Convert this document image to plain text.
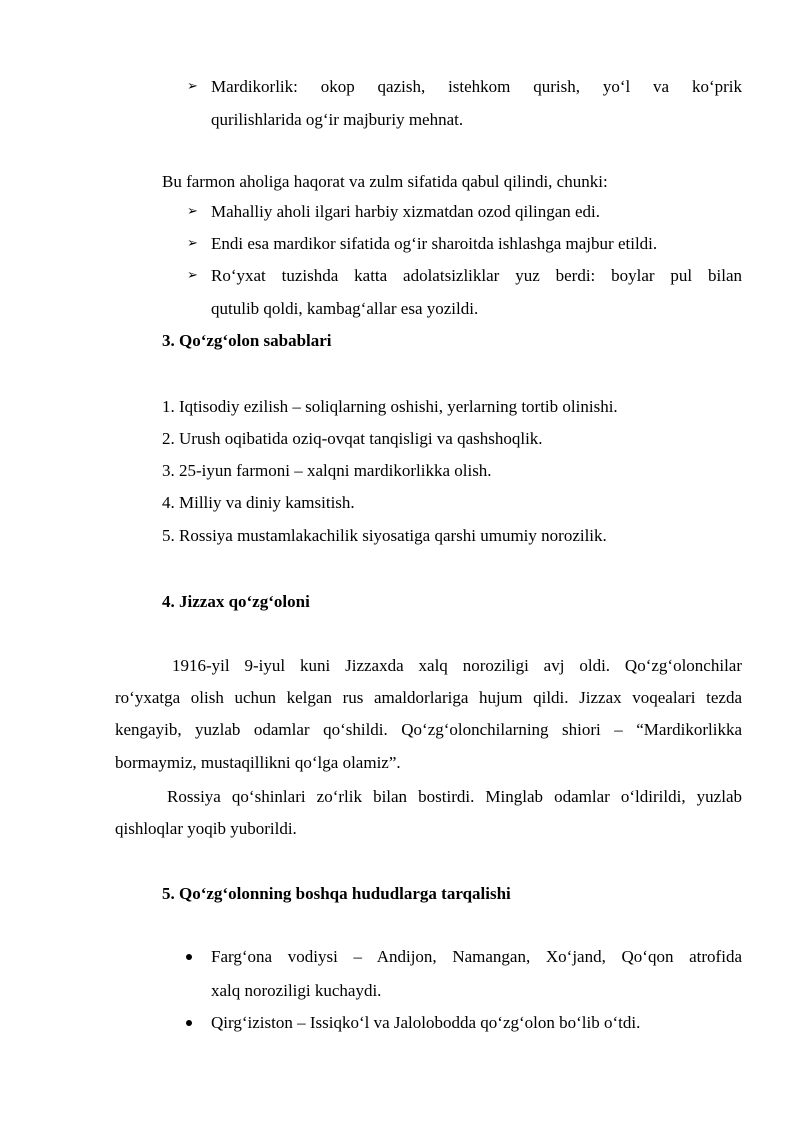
➢ Mardikorlik: okop qazish, istehkom qurish, yo‘l va ko‘prik
qurilishlarida og‘ir majburiy mehnat.
Bu farmon aholiga haqorat va zulm sifatida qabul qilindi, chunki:
➢ Mahalliy aholi ilgari harbiy xizmatdan ozod qilingan edi.
➢ Endi esa mardikor sifatida og‘ir sharoitda ishlashga majbur etildi.
➢ Ro‘yxat tuzishda katta adolatsizliklar yuz berdi: boylar pul bilan
qutulib qoldi, kambag‘allar esa yozildi.
3. Qo‘zg‘olon sabablari
1. Iqtisodiy ezilish – soliqlarning oshishi, yerlarning tortib olinishi.
2. Urush oqibatida oziq-ovqat tanqisligi va qashshoqlik.
3. 25-iyun farmoni – xalqni mardikorlikka olish.
4. Milliy va diniy kamsitish.
5. Rossiya mustamlakachilik siyosatiga qarshi umumiy norozilik.
4. Jizzax qo‘zg‘oloni
1916-yil 9-iyul kuni Jizzaxda xalq noroziligi avj oldi. Qo‘zg‘olonchilar
ro‘yxatga olish uchun kelgan rus amaldorlariga hujum qildi. Jizzax voqealari tezda
kengayib, yuzlab odamlar qo‘shildi. Qo‘zg‘olonchilarning shiori – “Mardikorlikka
bormaymiz, mustaqillikni qo‘lga olamiz”.
Rossiya qo‘shinlari zo‘rlik bilan bostirdi. Minglab odamlar o‘ldirildi, yuzlab
qishloqlar yoqib yuborildi.
5. Qo‘zg‘olonning boshqa hududlarga tarqalishi
Farg‘ona vodiysi – Andijon, Namangan, Xo‘jand, Qo‘qon atrofida
xalq noroziligi kuchaydi.
Qirg‘iziston – Issiqko‘l va Jalolobodda qo‘zg‘olon bo‘lib o‘tdi.
